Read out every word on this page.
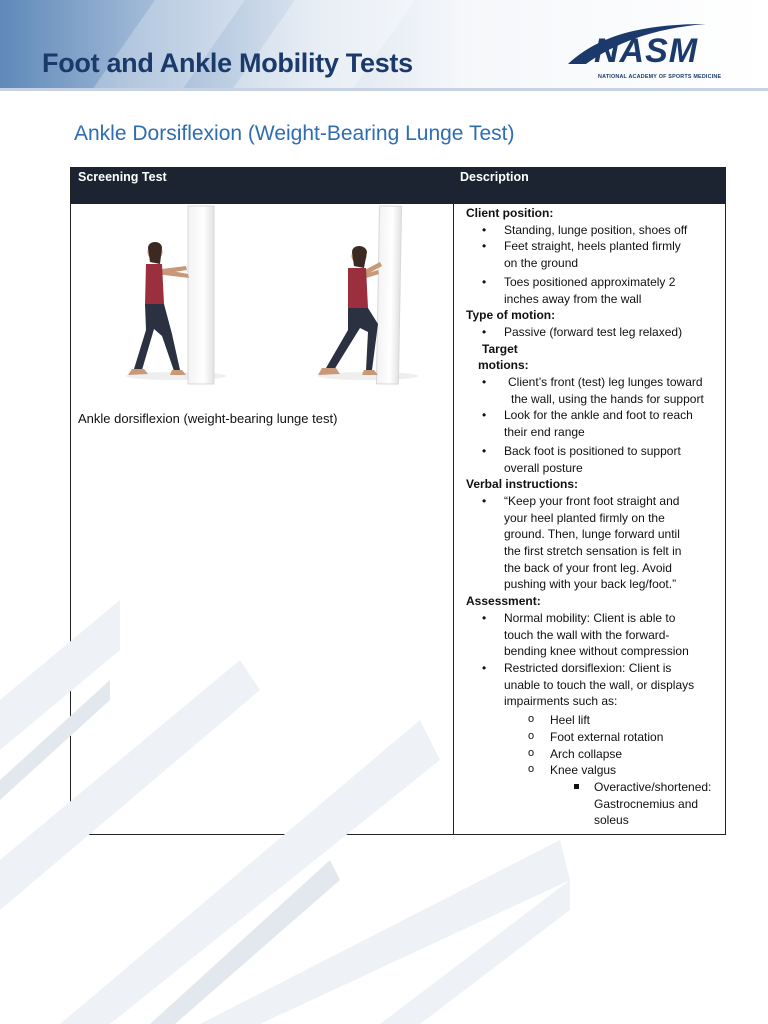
Foot and Ankle Mobility Tests	NASM
NATIONAL ACADEMY OF SPORTS MEDICINE
Ankle Dorsiflexion (Weight-Bearing Lunge Test)
Screening Test	Description
Ankle dorsiflexion (weight-bearing lunge test)
Client position:
• Standing, lunge position, shoes off
• Feet straight, heels planted firmly
on the ground
• Toes positioned approximately 2
inches away from the wall
Type of motion:
• Passive (forward test leg relaxed)
Target
motions:
• Client’s front (test) leg lunges toward
the wall, using the hands for support
• Look for the ankle and foot to reach
their end range
• Back foot is positioned to support
overall posture
Verbal instructions:
• “Keep your front foot straight and
your heel planted firmly on the
ground. Then, lunge forward until
the first stretch sensation is felt in
the back of your front leg. Avoid
pushing with your back leg/foot.”
Assessment:
• Normal mobility: Client is able to
touch the wall with the forward-
bending knee without compression
• Restricted dorsiflexion: Client is
unable to touch the wall, or displays
impairments such as:
o Heel lift
o Foot external rotation
o Arch collapse
o Knee valgus
Overactive/shortened:
Gastrocnemius and
soleus
